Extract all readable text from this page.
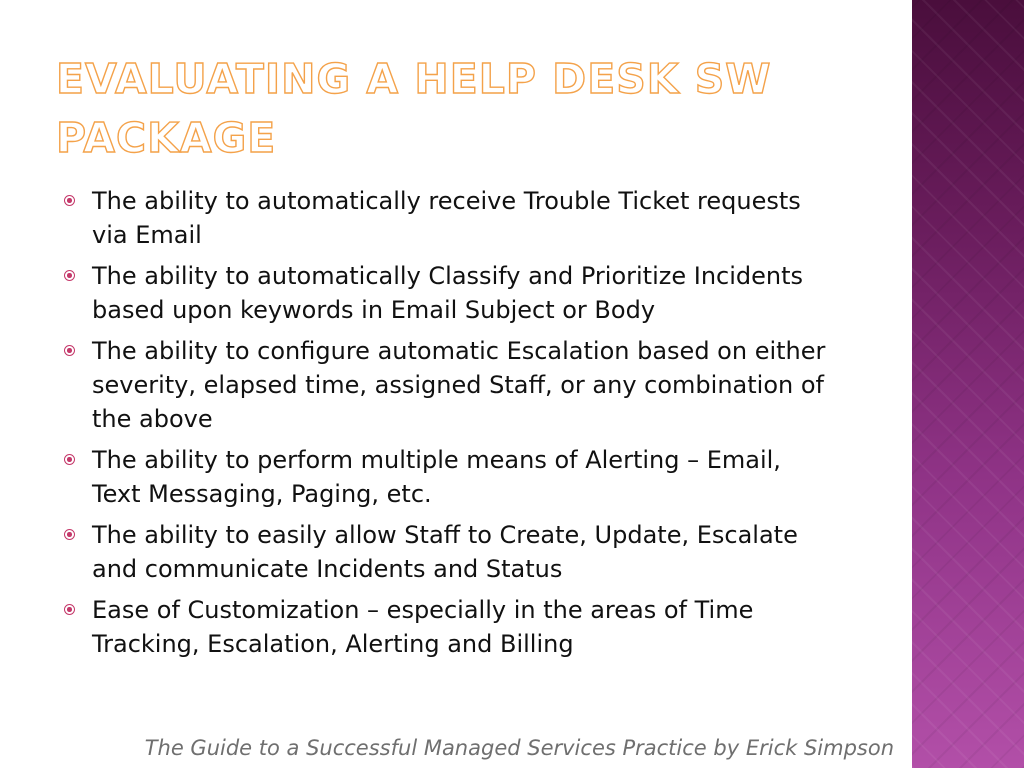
EVALUATING A HELP DESK SW PACKAGE
The ability to automatically receive Trouble Ticket requests via Email
The ability to automatically Classify and Prioritize Incidents based upon keywords in Email Subject or Body
The ability to configure automatic Escalation based on either severity, elapsed time, assigned Staff, or any combination of the above
The ability to perform multiple means of Alerting – Email, Text Messaging, Paging, etc.
The ability to easily allow Staff to Create, Update, Escalate and communicate Incidents and Status
Ease of Customization – especially in the areas of Time Tracking, Escalation, Alerting and Billing

The Guide to a Successful Managed Services Practice by Erick Simpson
